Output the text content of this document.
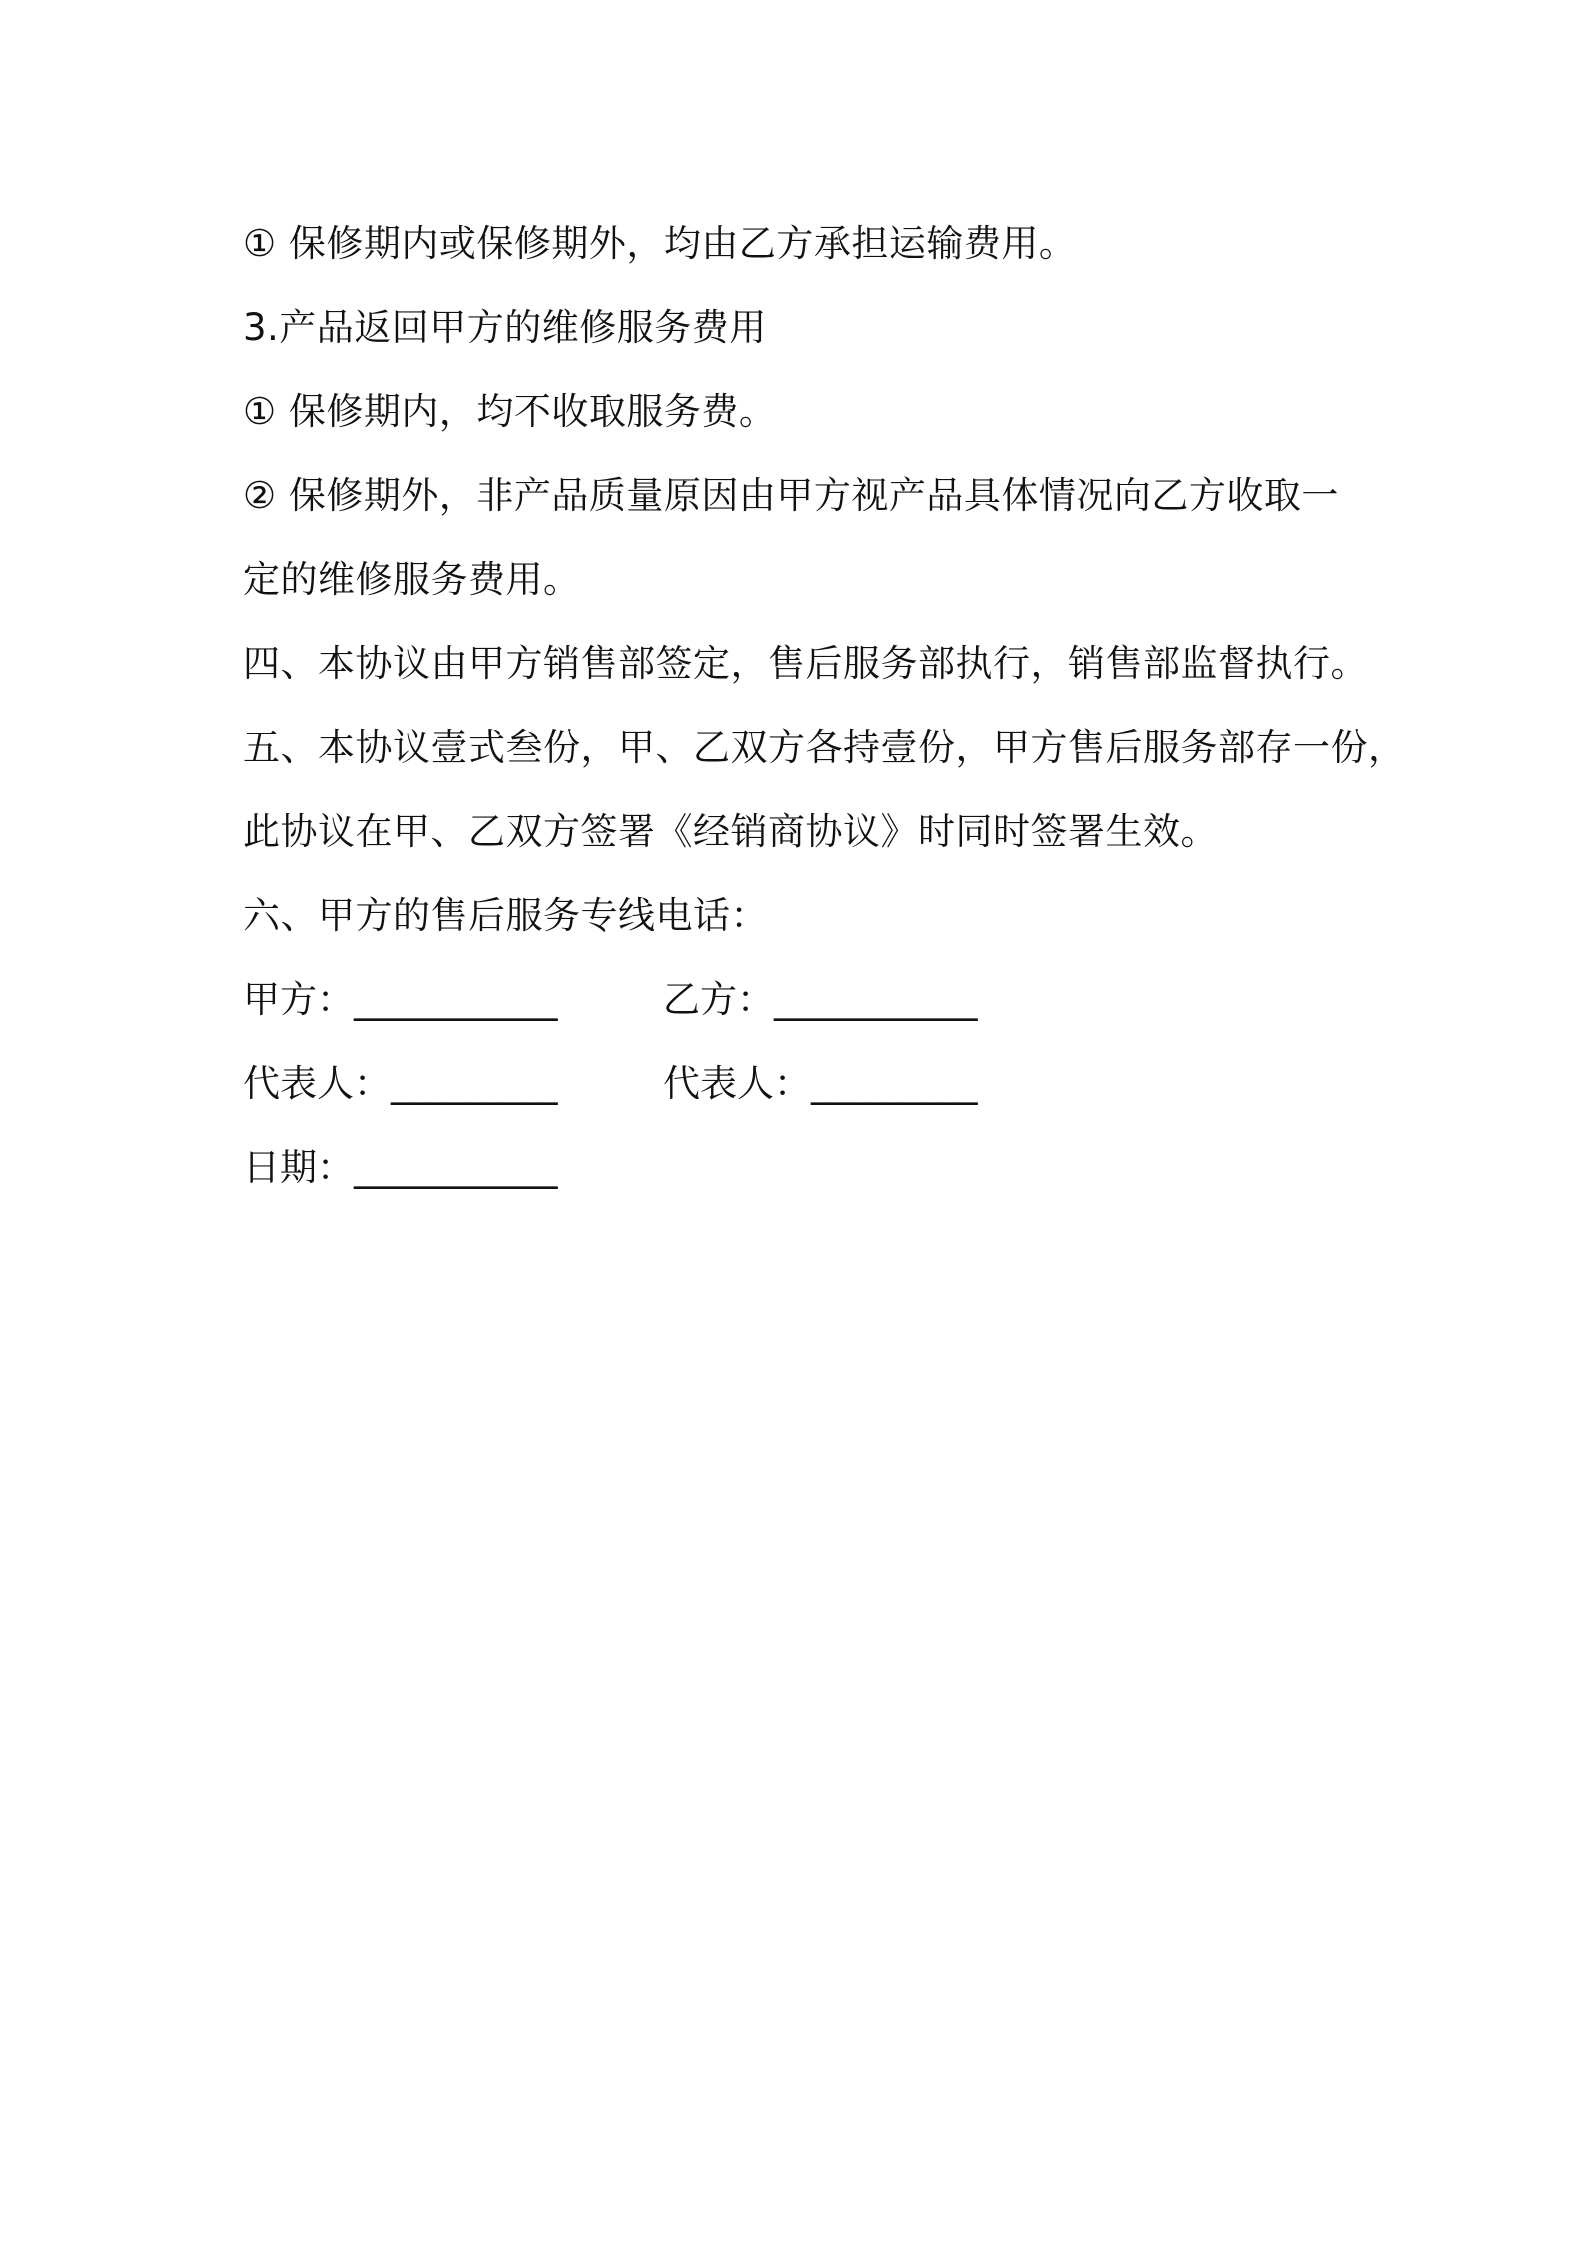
① 保修期内或保修期外，均由乙方承担运输费用。
3.产品返回甲方的维修服务费用
① 保修期内，均不收取服务费。
② 保修期外，非产品质量原因由甲方视产品具体情况向乙方收取一
定的维修服务费用。
四、本协议由甲方销售部签定，售后服务部执行，销售部监督执行。
五、本协议壹式叁份，甲、乙双方各持壹份，甲方售后服务部存一份，
此协议在甲、乙双方签署《经销商协议》时同时签署生效。
六、甲方的售后服务专线电话：
甲方：___________	乙方：___________
代表人：_________	代表人：_________
日期：___________
